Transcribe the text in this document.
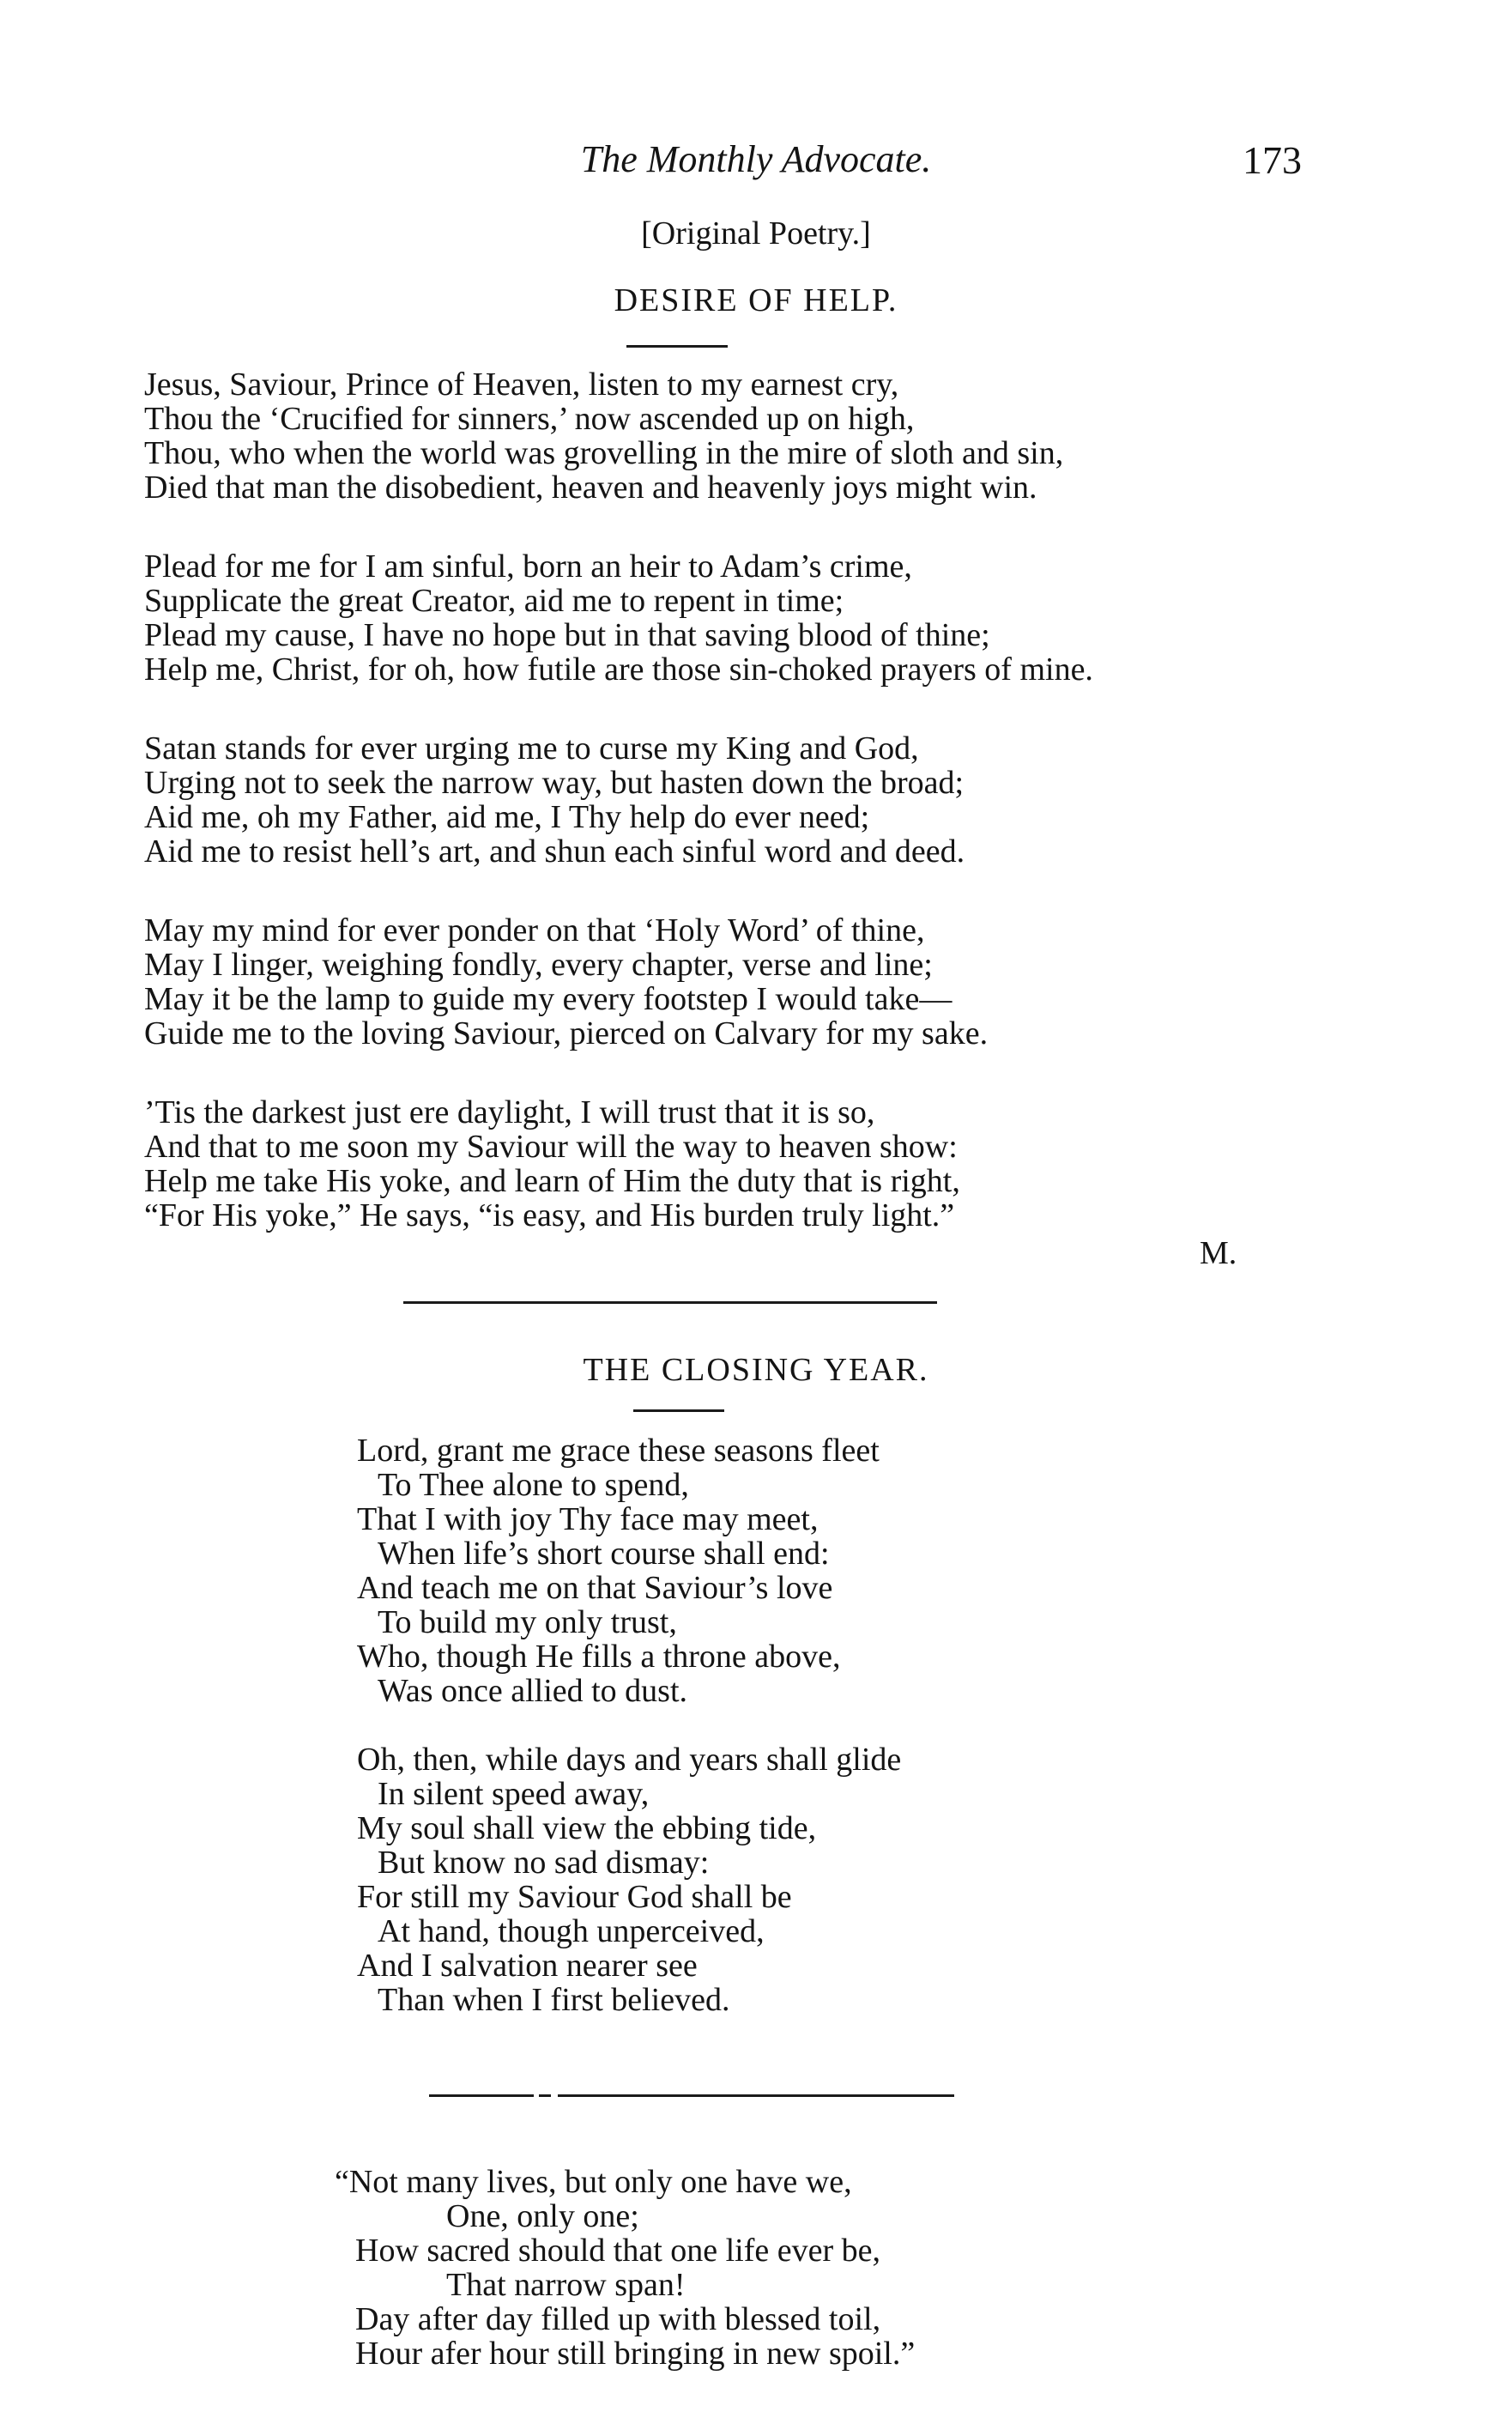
The Monthly Advocate.	173
[Original Poetry.]
DESIRE OF HELP.
Jesus, Saviour, Prince of Heaven, listen to my earnest cry,
Thou the ‘Crucified for sinners,’ now ascended up on high,
Thou, who when the world was grovelling in the mire of sloth and sin,
Died that man the disobedient, heaven and heavenly joys might win.
Plead for me for I am sinful, born an heir to Adam’s crime,
Supplicate the great Creator, aid me to repent in time;
Plead my cause, I have no hope but in that saving blood of thine;
Help me, Christ, for oh, how futile are those sin-choked prayers of mine.
Satan stands for ever urging me to curse my King and God,
Urging not to seek the narrow way, but hasten down the broad;
Aid me, oh my Father, aid me, I Thy help do ever need;
Aid me to resist hell’s art, and shun each sinful word and deed.
May my mind for ever ponder on that ‘Holy Word’ of thine,
May I linger, weighing fondly, every chapter, verse and line;
May it be the lamp to guide my every footstep I would take—
Guide me to the loving Saviour, pierced on Calvary for my sake.
’Tis the darkest just ere daylight, I will trust that it is so,
And that to me soon my Saviour will the way to heaven show:
Help me take His yoke, and learn of Him the duty that is right,
“For His yoke,” He says, “is easy, and His burden truly light.”
M.
THE CLOSING YEAR.
Lord, grant me grace these seasons fleet
To Thee alone to spend,
That I with joy Thy face may meet,
When life’s short course shall end:
And teach me on that Saviour’s love
To build my only trust,
Who, though He fills a throne above,
Was once allied to dust.
Oh, then, while days and years shall glide
In silent speed away,
My soul shall view the ebbing tide,
But know no sad dismay:
For still my Saviour God shall be
At hand, though unperceived,
And I salvation nearer see
Than when I first believed.
“Not many lives, but only one have we,
One, only one;
How sacred should that one life ever be,
That narrow span!
Day after day filled up with blessed toil,
Hour afer hour still bringing in new spoil.”
